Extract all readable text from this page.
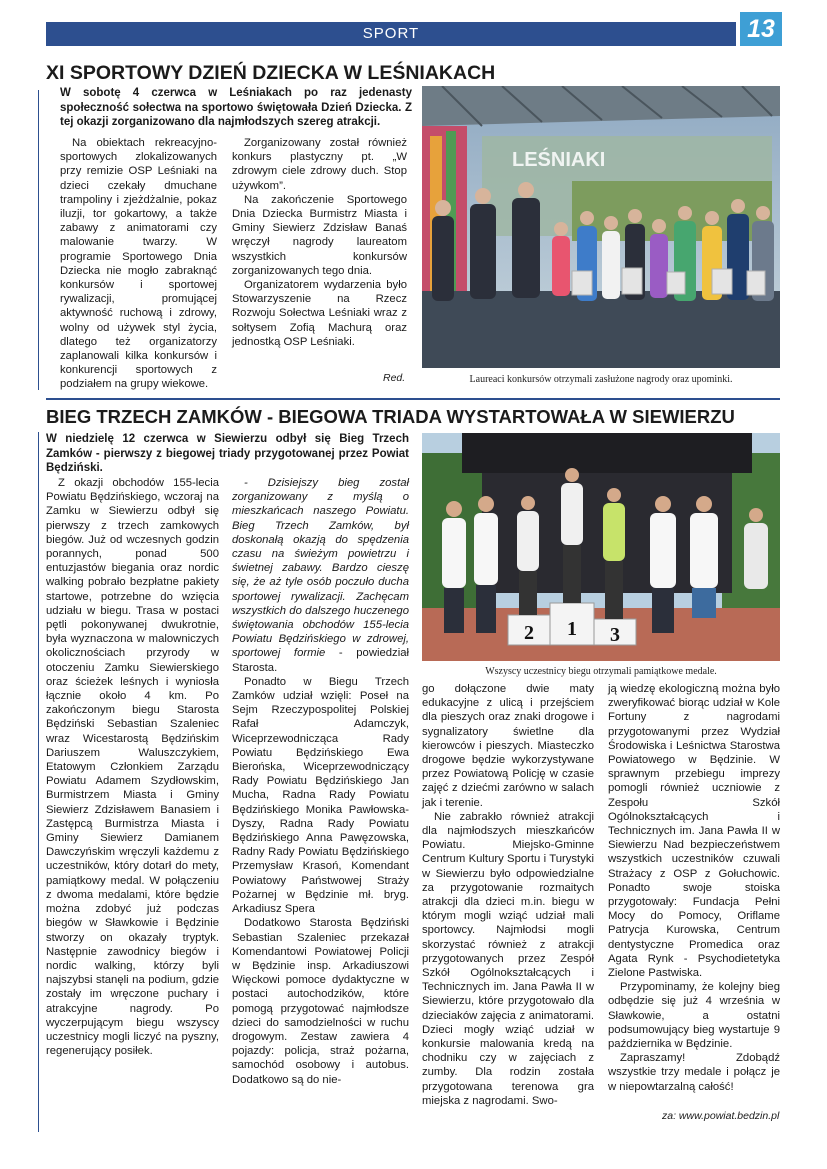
SPORT	13
XI SPORTOWY DZIEŃ DZIECKA W LEŚNIAKACH
W sobotę 4 czerwca w Leśniakach po raz jedenasty społeczność sołectwa na sportowo świętowała Dzień Dziecka. Z tej okazji zorganizowano dla najmłodszych szereg atrakcji.

Na obiektach rekreacyjno-sportowych zlokalizowanych przy remizie OSP Leśniaki na dzieci czekały dmuchane trampoliny i zjeżdżalnie, pokaz iluzji, tor gokartowy, a także zabawy z animatorami czy malowanie twarzy. W programie Sportowego Dnia Dziecka nie mogło zabraknąć konkursów i sportowej rywalizacji, promującej aktywność ruchową i zdrowy, wolny od używek styl życia, dlatego też organizatorzy zaplanowali kilka konkursów i konkurencji sportowych z podziałem na grupy wiekowe.

Zorganizowany został również konkurs plastyczny pt. „W zdrowym ciele zdrowy duch. Stop używkom”.

Na zakończenie Sportowego Dnia Dziecka Burmistrz Miasta i Gminy Siewierz Zdzisław Banaś wręczył nagrody laureatom wszystkich konkursów zorganizowanych tego dnia.

Organizatorem wydarzenia było Stowarzyszenie na Rzecz Rozwoju Sołectwa Leśniaki wraz z sołtysem Zofią Machurą oraz jednostką OSP Leśniaki.

Red.
LEŚNIAKI
Laureaci konkursów otrzymali zasłużone nagrody oraz upominki.
BIEG TRZECH ZAMKÓW - BIEGOWA TRIADA WYSTARTOWAŁA W SIEWIERZU
W niedzielę 12 czerwca w Siewierzu odbył się Bieg Trzech Zamków - pierwszy z biegowej triady przygotowanej przez Powiat Będziński.

Z okazji obchodów 155-lecia Powiatu Będzińskiego, wczoraj na Zamku w Siewierzu odbył się pierwszy z trzech zamkowych biegów. Już od wczesnych godzin porannych, ponad 500 entuzjastów biegania oraz nordic walking pobrało bezpłatne pakiety startowe, potrzebne do wzięcia udziału w biegu. Trasa w postaci pętli pokonywanej dwukrotnie, była wyznaczona w malowniczych okolicznościach przyrody w otoczeniu Zamku Siewierskiego oraz ścieżek leśnych i wyniosła łącznie około 4 km. Po zakończonym biegu Starosta Będziński Sebastian Szaleniec wraz Wicestarostą Będzińskim Dariuszem Waluszczykiem, Etatowym Członkiem Zarządu Powiatu Adamem Szydłowskim, Burmistrzem Miasta i Gminy Siewierz Zdzisławem Banasiem i Zastępcą Burmistrza Miasta i Gminy Siewierz Damianem Dawczyńskim wręczyli każdemu z uczestników, który dotarł do mety, pamiątkowy medal. W połączeniu z dwoma medalami, które będzie można zdobyć już podczas biegów w Sławkowie i Będzinie stworzy on okazały tryptyk. Następnie zawodnicy biegów i nordic walking, którzy byli najszybsi stanęli na podium, gdzie zostały im wręczone puchary i atrakcyjne nagrody. Po wyczerpującym biegu wszyscy uczestnicy mogli liczyć na pyszny, regenerujący posiłek.

- Dzisiejszy bieg został zorganizowany z myślą o mieszkańcach naszego Powiatu. Bieg Trzech Zamków, był doskonałą okazją do spędzenia czasu na świeżym powietrzu i świetnej zabawy. Bardzo cieszę się, że aż tyle osób poczuło ducha sportowej rywalizacji. Zachęcam wszystkich do dalszego huczenego świętowania obchodów 155-lecia Powiatu Będzińskiego w zdrowej, sportowej formie - powiedział Starosta.

Ponadto w Biegu Trzech Zamków udział wzięli: Poseł na Sejm Rzeczypospolitej Polskiej Rafał Adamczyk, Wiceprzewodnicząca Rady Powiatu Będzińskiego Ewa Bierońska, Wiceprzewodniczący Rady Powiatu Będzińskiego Jan Mucha, Radna Rady Powiatu Będzińskiego Monika Pawłowska-Dyszy, Radna Rady Powiatu Będzińskiego Anna Pawęzowska, Radny Rady Powiatu Będzińskiego Przemysław Krasoń, Komendant Powiatowy Państwowej Straży Pożarnej w Będzinie mł. bryg. Arkadiusz Spera

Dodatkowo Starosta Będziński Sebastian Szaleniec przekazał Komendantowi Powiatowej Policji w Będzinie insp. Arkadiuszowi Więckowi pomoce dydaktyczne w postaci autochodzików, które pomogą przygotować najmłodsze dzieci do samodzielności w ruchu drogowym. Zestaw zawiera 4 pojazdy: policja, straż pożarna, samochód osobowy i autobus. Dodatkowo są do nie-

go dołączone dwie maty edukacyjne z ulicą i przejściem dla pieszych oraz znaki drogowe i sygnalizatory świetlne dla kierowców i pieszych. Miasteczko drogowe będzie wykorzystywane przez Powiatową Policję w czasie zajęć z dziećmi zarówno w salach jak i terenie.

Nie zabrakło również atrakcji dla najmłodszych mieszkańców Powiatu. Miejsko-Gminne Centrum Kultury Sportu i Turystyki w Siewierzu było odpowiedzialne za przygotowanie rozmaitych atrakcji dla dzieci m.in. biegu w którym mogli wziąć udział mali sportowcy. Najmłodsi mogli skorzystać również z atrakcji przygotowanych przez Zespół Szkół Ogólnokształcących i Technicznych im. Jana Pawła II w Siewierzu, które przygotowało dla dzieciaków zajęcia z animatorami. Dzieci mogły wziąć udział w konkursie malowania kredą na chodniku czy w zajęciach z zumby. Dla rodzin została przygotowana terenowa gra miejska z nagrodami. Swo-

ją wiedzę ekologiczną można było zweryfikować biorąc udział w Kole Fortuny z nagrodami przygotowanymi przez Wydział Środowiska i Leśnictwa Starostwa Powiatowego w Będzinie. W sprawnym przebiegu imprezy pomogli również uczniowie z Zespołu Szkół Ogólnokształcących i Technicznych im. Jana Pawła II w Siewierzu Nad bezpieczeństwem wszystkich uczestników czuwali Strażacy z OSP z Gołuchowic. Ponadto swoje stoiska przygotowały: Fundacja Pełni Mocy do Pomocy, Oriflame Patrycja Kurowska, Centrum dentystyczne Promedica oraz Agata Rynk - Psychodietetyka Zielone Pastwiska.

Przypominamy, że kolejny bieg odbędzie się już 4 września w Sławkowie, a ostatni podsumowujący bieg wystartuje 9 października w Będzinie.

Zapraszamy! Zdobądź wszystkie trzy medale i połącz je w niepowtarzalną całość!

za: www.powiat.bedzin.pl
2 1 3
Wszyscy uczestnicy biegu otrzymali pamiątkowe medale.
